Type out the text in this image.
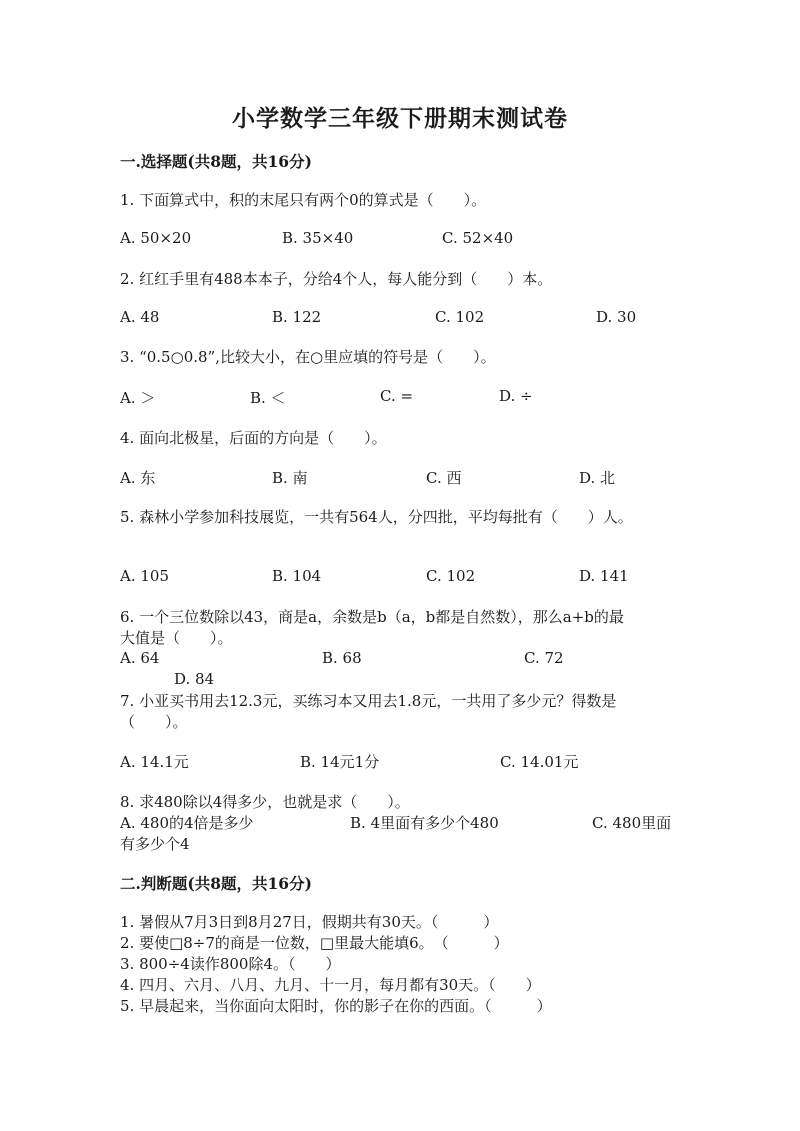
小学数学三年级下册期末测试卷
一.选择题(共8题，共16分)
1. 下面算式中，积的末尾只有两个0的算式是（　　）。
A. 50×20	B. 35×40	C. 52×40
2. 红红手里有488本本子，分给4个人，每人能分到（　　）本。
A. 48	B. 122	C. 102	D. 30
3. “0.5○0.8”,比较大小，在○里应填的符号是（　　）。
A. ＞	B. ＜	C. =	D. ÷
4. 面向北极星，后面的方向是（　　）。
A. 东	B. 南	C. 西	D. 北
5. 森林小学参加科技展览，一共有564人，分四批，平均每批有（　　）人。
A. 105	B. 104	C. 102	D. 141
6. 一个三位数除以43，商是a，余数是b（a，b都是自然数），那么a+b的最
大值是（　　）。
A. 64	B. 68	C. 72
D. 84
7. 小亚买书用去12.3元，买练习本又用去1.8元，一共用了多少元？得数是
（　　）。
A. 14.1元	B. 14元1分	C. 14.01元
8. 求480除以4得多少，也就是求（　　）。
A. 480的4倍是多少	B. 4里面有多少个480	C. 480里面
有多少个4
二.判断题(共8题，共16分)
1. 暑假从7月3日到8月27日，假期共有30天。（　　　）
2. 要使□8÷7的商是一位数，□里最大能填6。　（　　　）
3. 800÷4读作800除4。（　　）
4. 四月、六月、八月、九月、十一月，每月都有30天。（　　）
5. 早晨起来，当你面向太阳时，你的影子在你的西面。（　　　）
